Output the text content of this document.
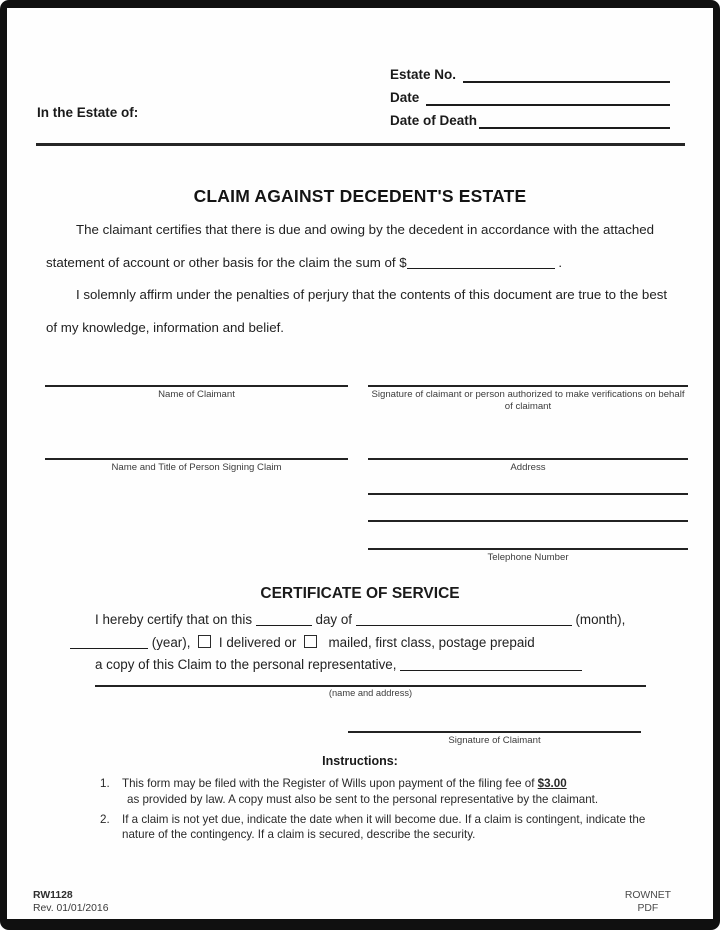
In the Estate of:
Estate No.
Date
Date of Death
CLAIM AGAINST DECEDENT'S ESTATE

The claimant certifies that there is due and owing by the decedent in accordance with the attached statement of account or other basis for the claim the sum of $	.

I solemnly affirm under the penalties of perjury that the contents of this document are true to the best of my knowledge, information and belief.

Name of Claimant	Signature of claimant or person authorized to make verifications on behalf of claimant
Name and Title of Person Signing Claim	Address
Telephone Number
CERTIFICATE OF SERVICE
I hereby certify that on this	day of	(month),
(year), I delivered or mailed, first class, postage prepaid
a copy of this Claim to the personal representative,
(name and address)
Signature of Claimant
Instructions:
1.	This form may be filed with the Register of Wills upon payment of the filing fee of $3.00
as provided by law. A copy must also be sent to the personal representative by the claimant.
2.	If a claim is not yet due, indicate the date when it will become due. If a claim is contingent, indicate the nature of the contingency. If a claim is secured, describe the security.
RW1128
Rev. 01/01/2016
ROWNET
PDF
